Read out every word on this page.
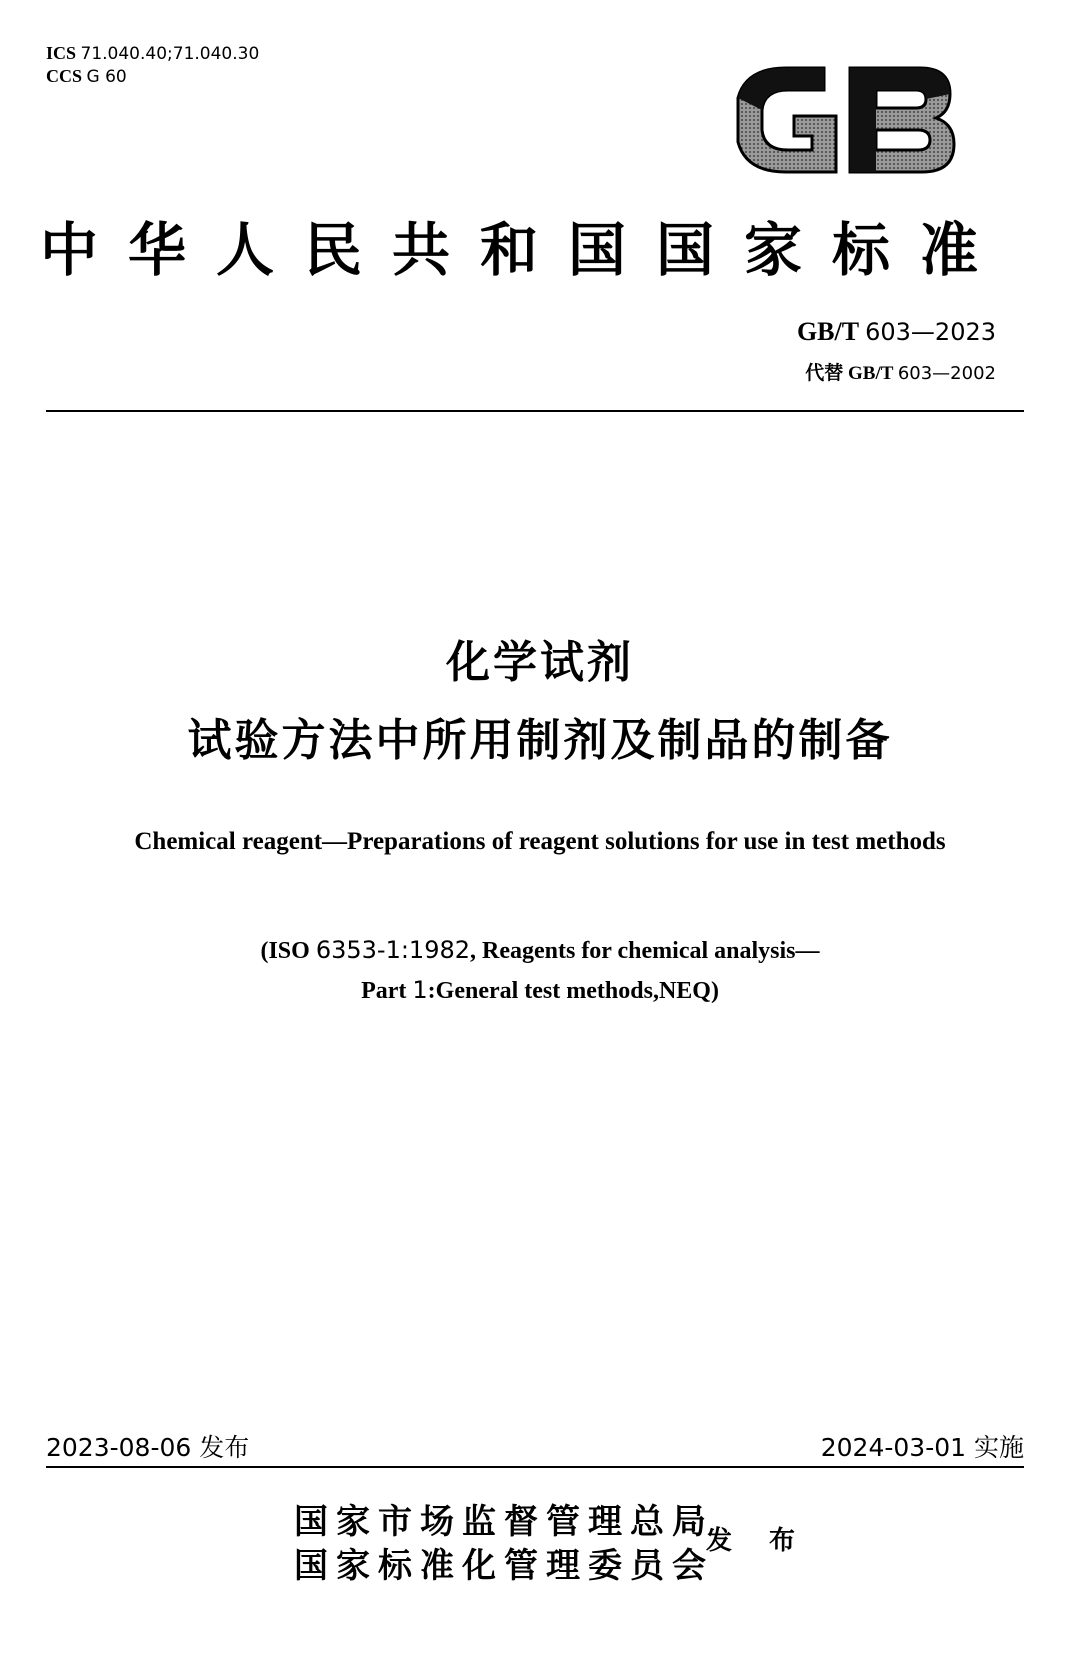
ICS 71.040.40;71.040.30
CCS G 60
GB
中华人民共和国国家标准
GB/T 603—2023
代替 GB/T 603—2002
化学试剂
试验方法中所用制剂及制品的制备
Chemical reagent—Preparations of reagent solutions for use in test methods
(ISO 6353-1:1982, Reagents for chemical analysis—
Part 1:General test methods,NEQ)
2023-08-06 发布	2024-03-01 实施
国家市场监督管理总局
国家标准化管理委员会
发 布
